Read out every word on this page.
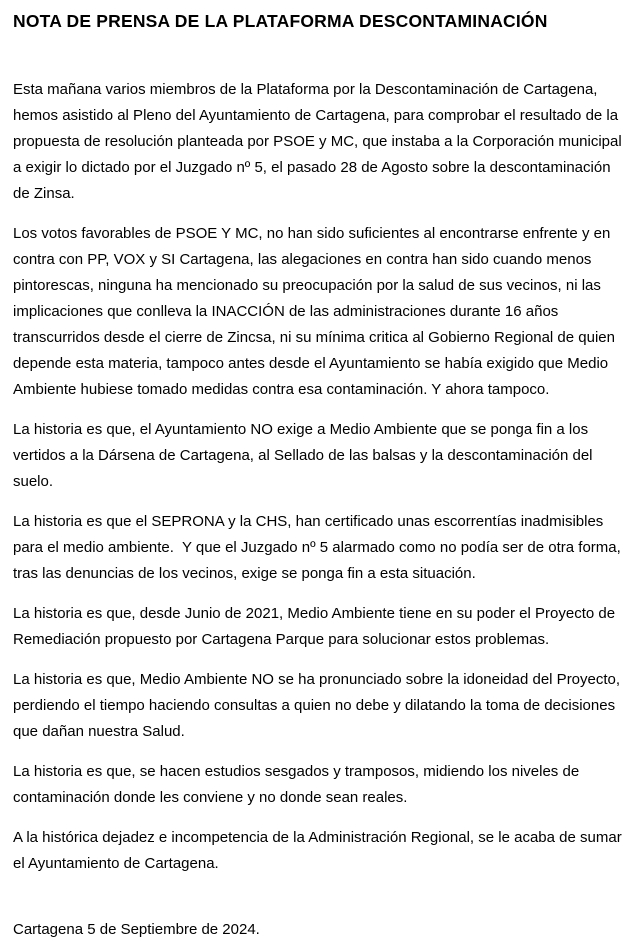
NOTA DE PRENSA DE LA PLATAFORMA DESCONTAMINACIÓN

Esta mañana varios miembros de la Plataforma por la Descontaminación de Cartagena, hemos asistido al Pleno del Ayuntamiento de Cartagena, para comprobar el resultado de la propuesta de resolución planteada por PSOE y MC, que instaba a la Corporación municipal a exigir lo dictado por el Juzgado nº 5, el pasado 28 de Agosto sobre la descontaminación de Zinsa.

Los votos favorables de PSOE Y MC, no han sido suficientes al encontrarse enfrente y en contra con PP, VOX y SI Cartagena, las alegaciones en contra han sido cuando menos pintorescas, ninguna ha mencionado su preocupación por la salud de sus vecinos, ni las implicaciones que conlleva la INACCIÓN de las administraciones durante 16 años transcurridos desde el cierre de Zincsa, ni su mínima critica al Gobierno Regional de quien depende esta materia, tampoco antes desde el Ayuntamiento se había exigido que Medio Ambiente hubiese tomado medidas contra esa contaminación. Y ahora tampoco.

La historia es que, el Ayuntamiento NO exige a Medio Ambiente que se ponga fin a los vertidos a la Dársena de Cartagena, al Sellado de las balsas y la descontaminación del suelo.

La historia es que el SEPRONA y la CHS, han certificado unas escorrentías inadmisibles para el medio ambiente.  Y que el Juzgado nº 5 alarmado como no podía ser de otra forma,  tras las denuncias de los vecinos, exige se ponga fin a esta situación.

La historia es que, desde Junio de 2021, Medio Ambiente tiene en su poder el Proyecto de Remediación propuesto por Cartagena Parque para solucionar estos problemas.

La historia es que, Medio Ambiente NO se ha pronunciado sobre la idoneidad del Proyecto, perdiendo el tiempo haciendo consultas a quien no debe y dilatando la toma de decisiones que dañan nuestra Salud.

La historia es que, se hacen estudios sesgados y tramposos, midiendo los niveles de contaminación donde les conviene y no donde sean reales.

A la histórica dejadez e incompetencia de la Administración Regional, se le acaba de sumar el Ayuntamiento de Cartagena.

Cartagena 5 de Septiembre de 2024.
